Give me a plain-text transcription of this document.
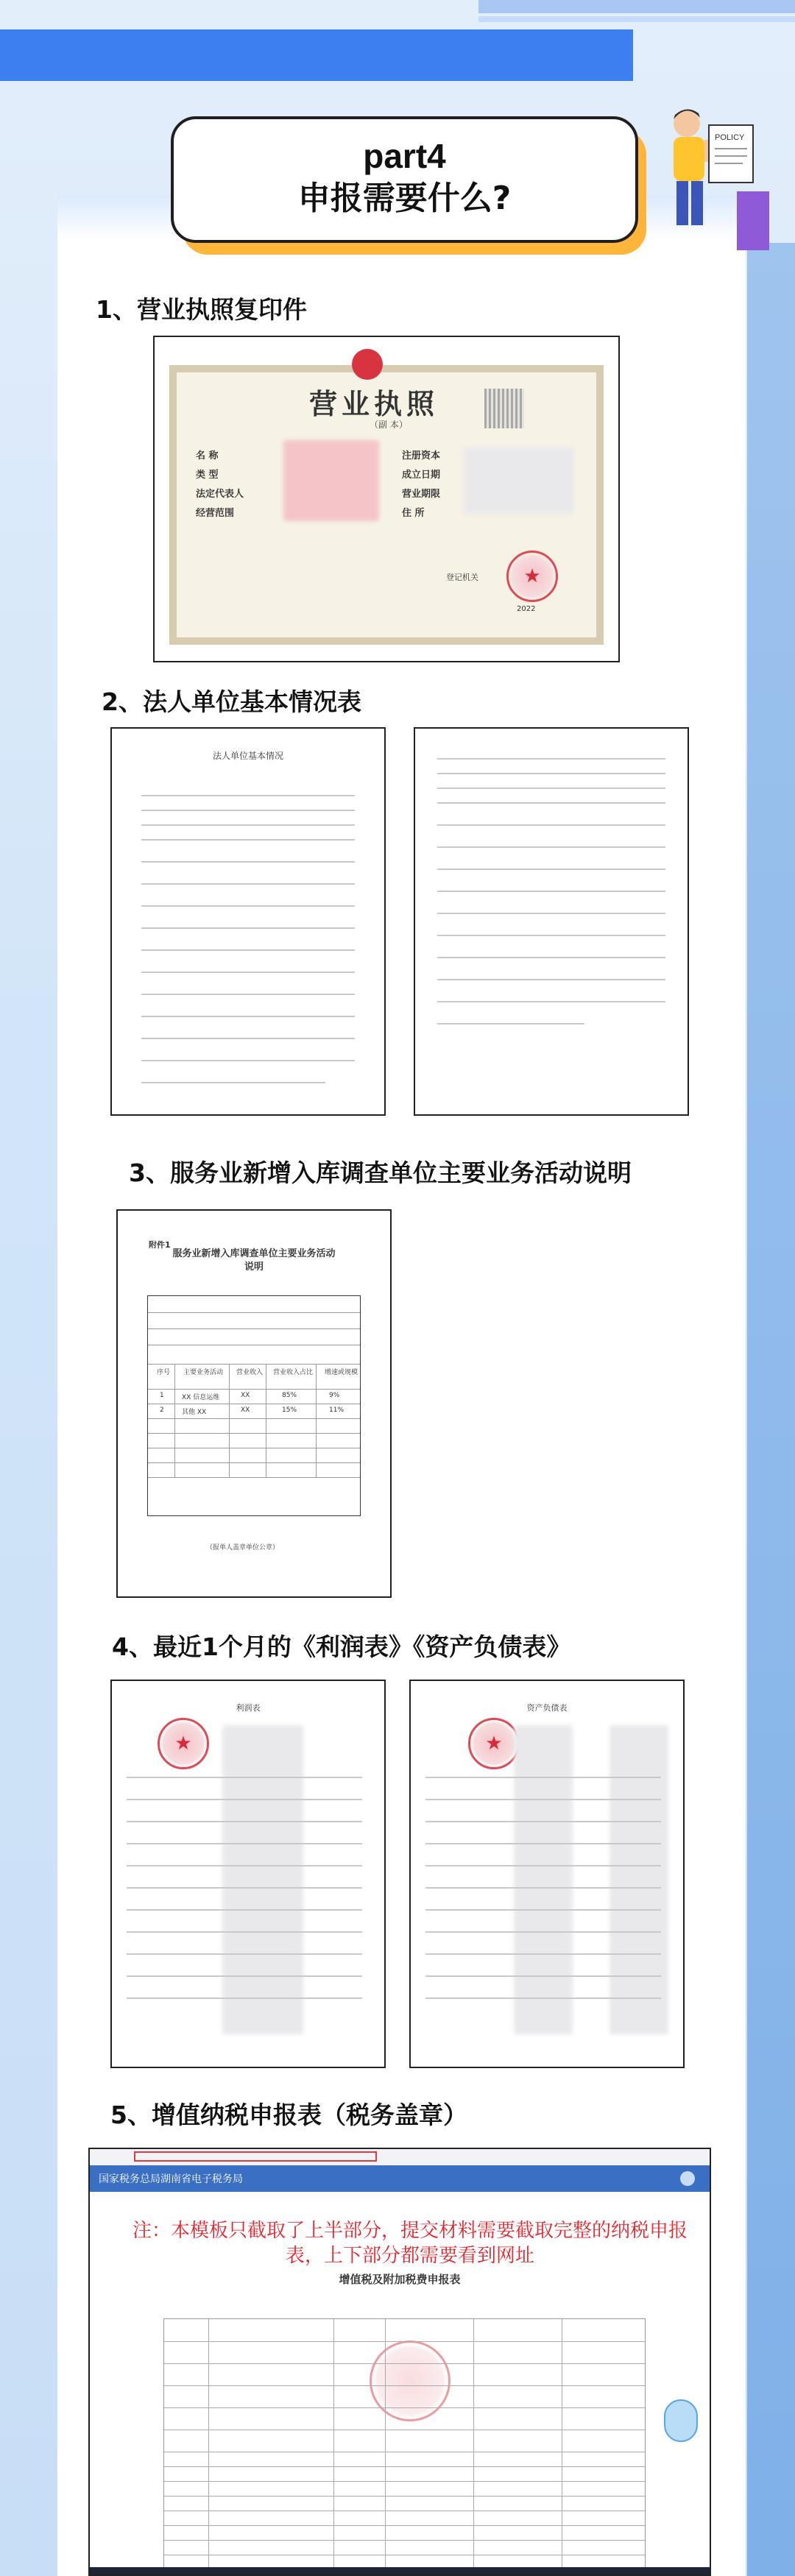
part4
申报需要什么?
POLICY
1、营业执照复印件
营业执照
（副 本）
名 称
类 型
法定代表人
经营范围
注册资本
成立日期
营业期限
住 所
登记机关 ★
2022
2、法人单位基本情况表
法人单位基本情况
3、服务业新增入库调查单位主要业务活动说明
附件1
服务业新增入库调查单位主要业务活动说明
序号 主要业务活动 营业收入 营业收入占比 增速或规模
1	XX 信息运维	XX	85%	9%
2	其他 XX	XX	15%	11%
（报单人盖章单位公章）
4、最近1个月的《利润表》《资产负债表》
利润表
★
资产负债表
★
5、增值纳税申报表（税务盖章）
国家税务总局湖南省电子税务局
注：本模板只截取了上半部分，提交材料需要截取完整的纳税申报表，上下部分都需要看到网址
增值税及附加税费申报表
